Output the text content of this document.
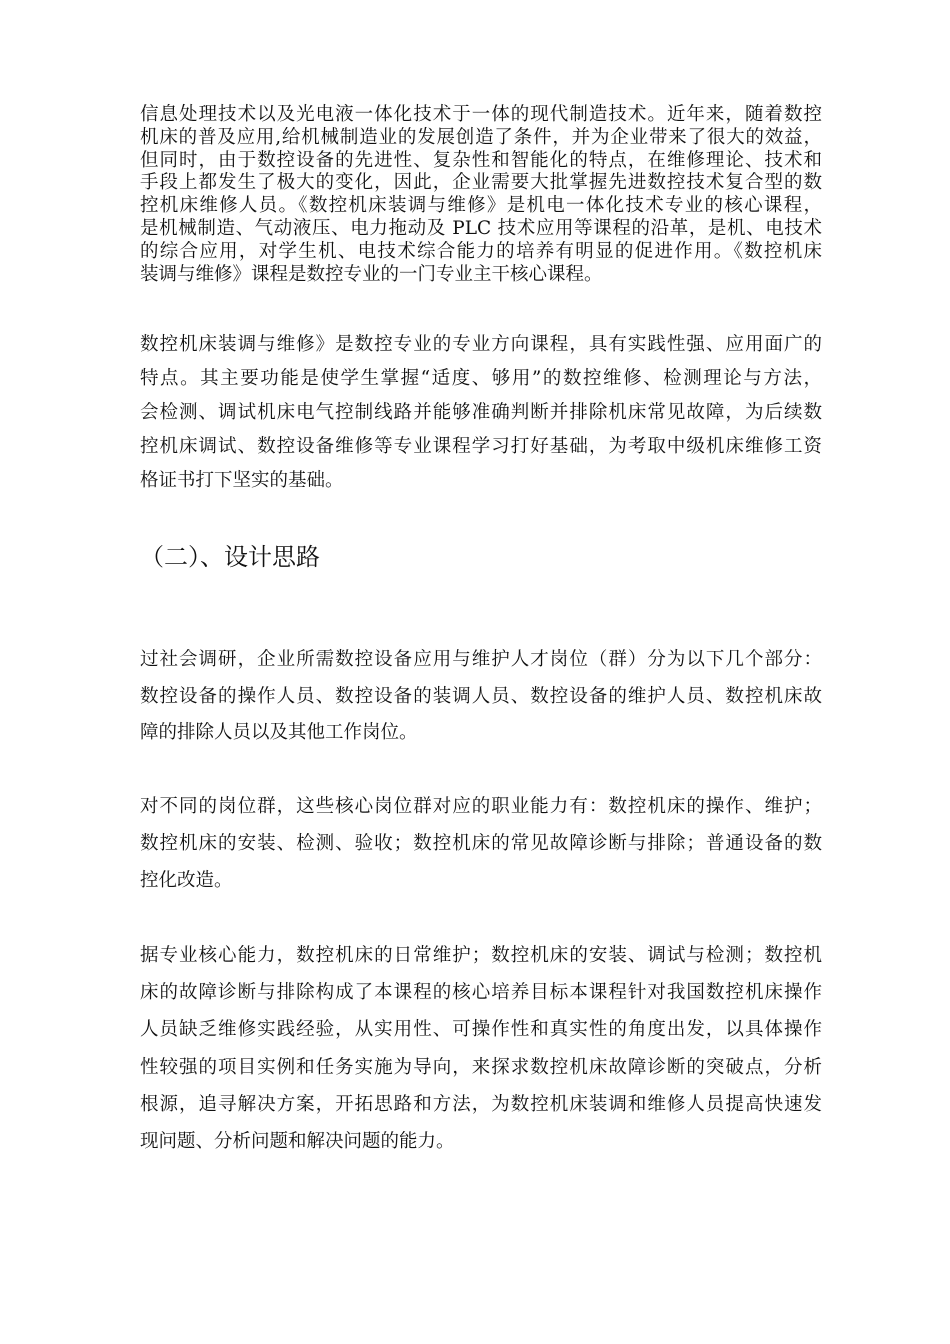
信息处理技术以及光电液一体化技术于一体的现代制造技术。近年来，随着数控
机床的普及应用,给机械制造业的发展创造了条件，并为企业带来了很大的效益，
但同时，由于数控设备的先进性、复杂性和智能化的特点，在维修理论、技术和
手段上都发生了极大的变化，因此，企业需要大批掌握先进数控技术复合型的数
控机床维修人员。《数控机床装调与维修》是机电一体化技术专业的核心课程，
是机械制造、气动液压、电力拖动及 PLC 技术应用等课程的沿革，是机、电技术
的综合应用，对学生机、电技术综合能力的培养有明显的促进作用。《数控机床
装调与维修》课程是数控专业的一门专业主干核心课程。
数控机床装调与维修》是数控专业的专业方向课程，具有实践性强、应用面广的
特点。其主要功能是使学生掌握“适度、够用”的数控维修、检测理论与方法，
会检测、调试机床电气控制线路并能够准确判断并排除机床常见故障，为后续数
控机床调试、数控设备维修等专业课程学习打好基础，为考取中级机床维修工资
格证书打下坚实的基础。
（二）、设计思路
过社会调研，企业所需数控设备应用与维护人才岗位（群）分为以下几个部分：
数控设备的操作人员、数控设备的装调人员、数控设备的维护人员、数控机床故
障的排除人员以及其他工作岗位。
对不同的岗位群，这些核心岗位群对应的职业能力有：数控机床的操作、维护；
数控机床的安装、检测、验收；数控机床的常见故障诊断与排除；普通设备的数
控化改造。
据专业核心能力，数控机床的日常维护；数控机床的安装、调试与检测；数控机
床的故障诊断与排除构成了本课程的核心培养目标本课程针对我国数控机床操作
人员缺乏维修实践经验，从实用性、可操作性和真实性的角度出发，以具体操作
性较强的项目实例和任务实施为导向，来探求数控机床故障诊断的突破点，分析
根源，追寻解决方案，开拓思路和方法，为数控机床装调和维修人员提高快速发
现问题、分析问题和解决问题的能力。
